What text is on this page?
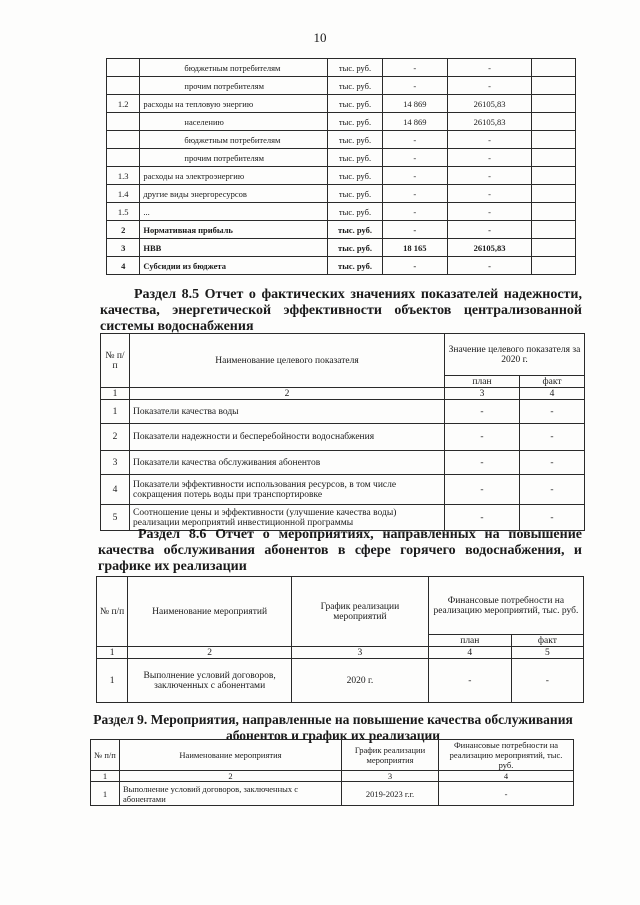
10
	бюджетным потребителям	тыс. руб.	-	-	
	прочим потребителям	тыс. руб.	-	-	
1.2	расходы на тепловую энергию	тыс. руб.	14 869	26105,83	
	населению	тыс. руб.	14 869	26105,83	
	бюджетным потребителям	тыс. руб.	-	-	
	прочим потребителям	тыс. руб.	-	-	
1.3	расходы на электроэнергию	тыс. руб.	-	-	
1.4	другие виды энергоресурсов	тыс. руб.	-	-	
1.5	...	тыс. руб.	-	-	
2	Нормативная прибыль	тыс. руб.	-	-	
3	НВВ	тыс. руб.	18 165	26105,83	
4	Субсидии из бюджета	тыс. руб.	-	-	
Раздел 8.5 Отчет о фактических значениях показателей надежности, качества, энергетической эффективности объектов централизованной системы водоснабжения
№ п/п	Наименование целевого показателя	Значение целевого показателя за 2020 г.	
		план	факт
1	2	3	4
1	Показатели качества воды	-	-
2	Показатели надежности и бесперебойности водоснабжения	-	-
3	Показатели качества обслуживания абонентов	-	-
4	Показатели эффективности использования ресурсов, в том числе сокращения потерь воды при транспортировке	-	-
5	Соотношение цены и эффективности (улучшение качества воды) реализации мероприятий инвестиционной программы	-	-
Раздел 8.6 Отчет о мероприятиях, направленных на повышение качества обслуживания абонентов в сфере горячего водоснабжения, и графике их реализации
№ п/п	Наименование мероприятий	График реализации мероприятий	Финансовые потребности на реализацию мероприятий, тыс. руб.	
			план	факт
1	2	3	4	5
1	Выполнение условий договоров, заключенных с абонентами	2020 г.	-	-
Раздел 9. Мероприятия, направленные на повышение качества обслуживания абонентов и график их реализации
№ п/п	Наименование мероприятия	График реализации мероприятия	Финансовые потребности на реализацию мероприятий, тыс. руб.
1	2	3	4
1	Выполнение условий договоров, заключенных с абонентами	2019-2023 г.г.	-
